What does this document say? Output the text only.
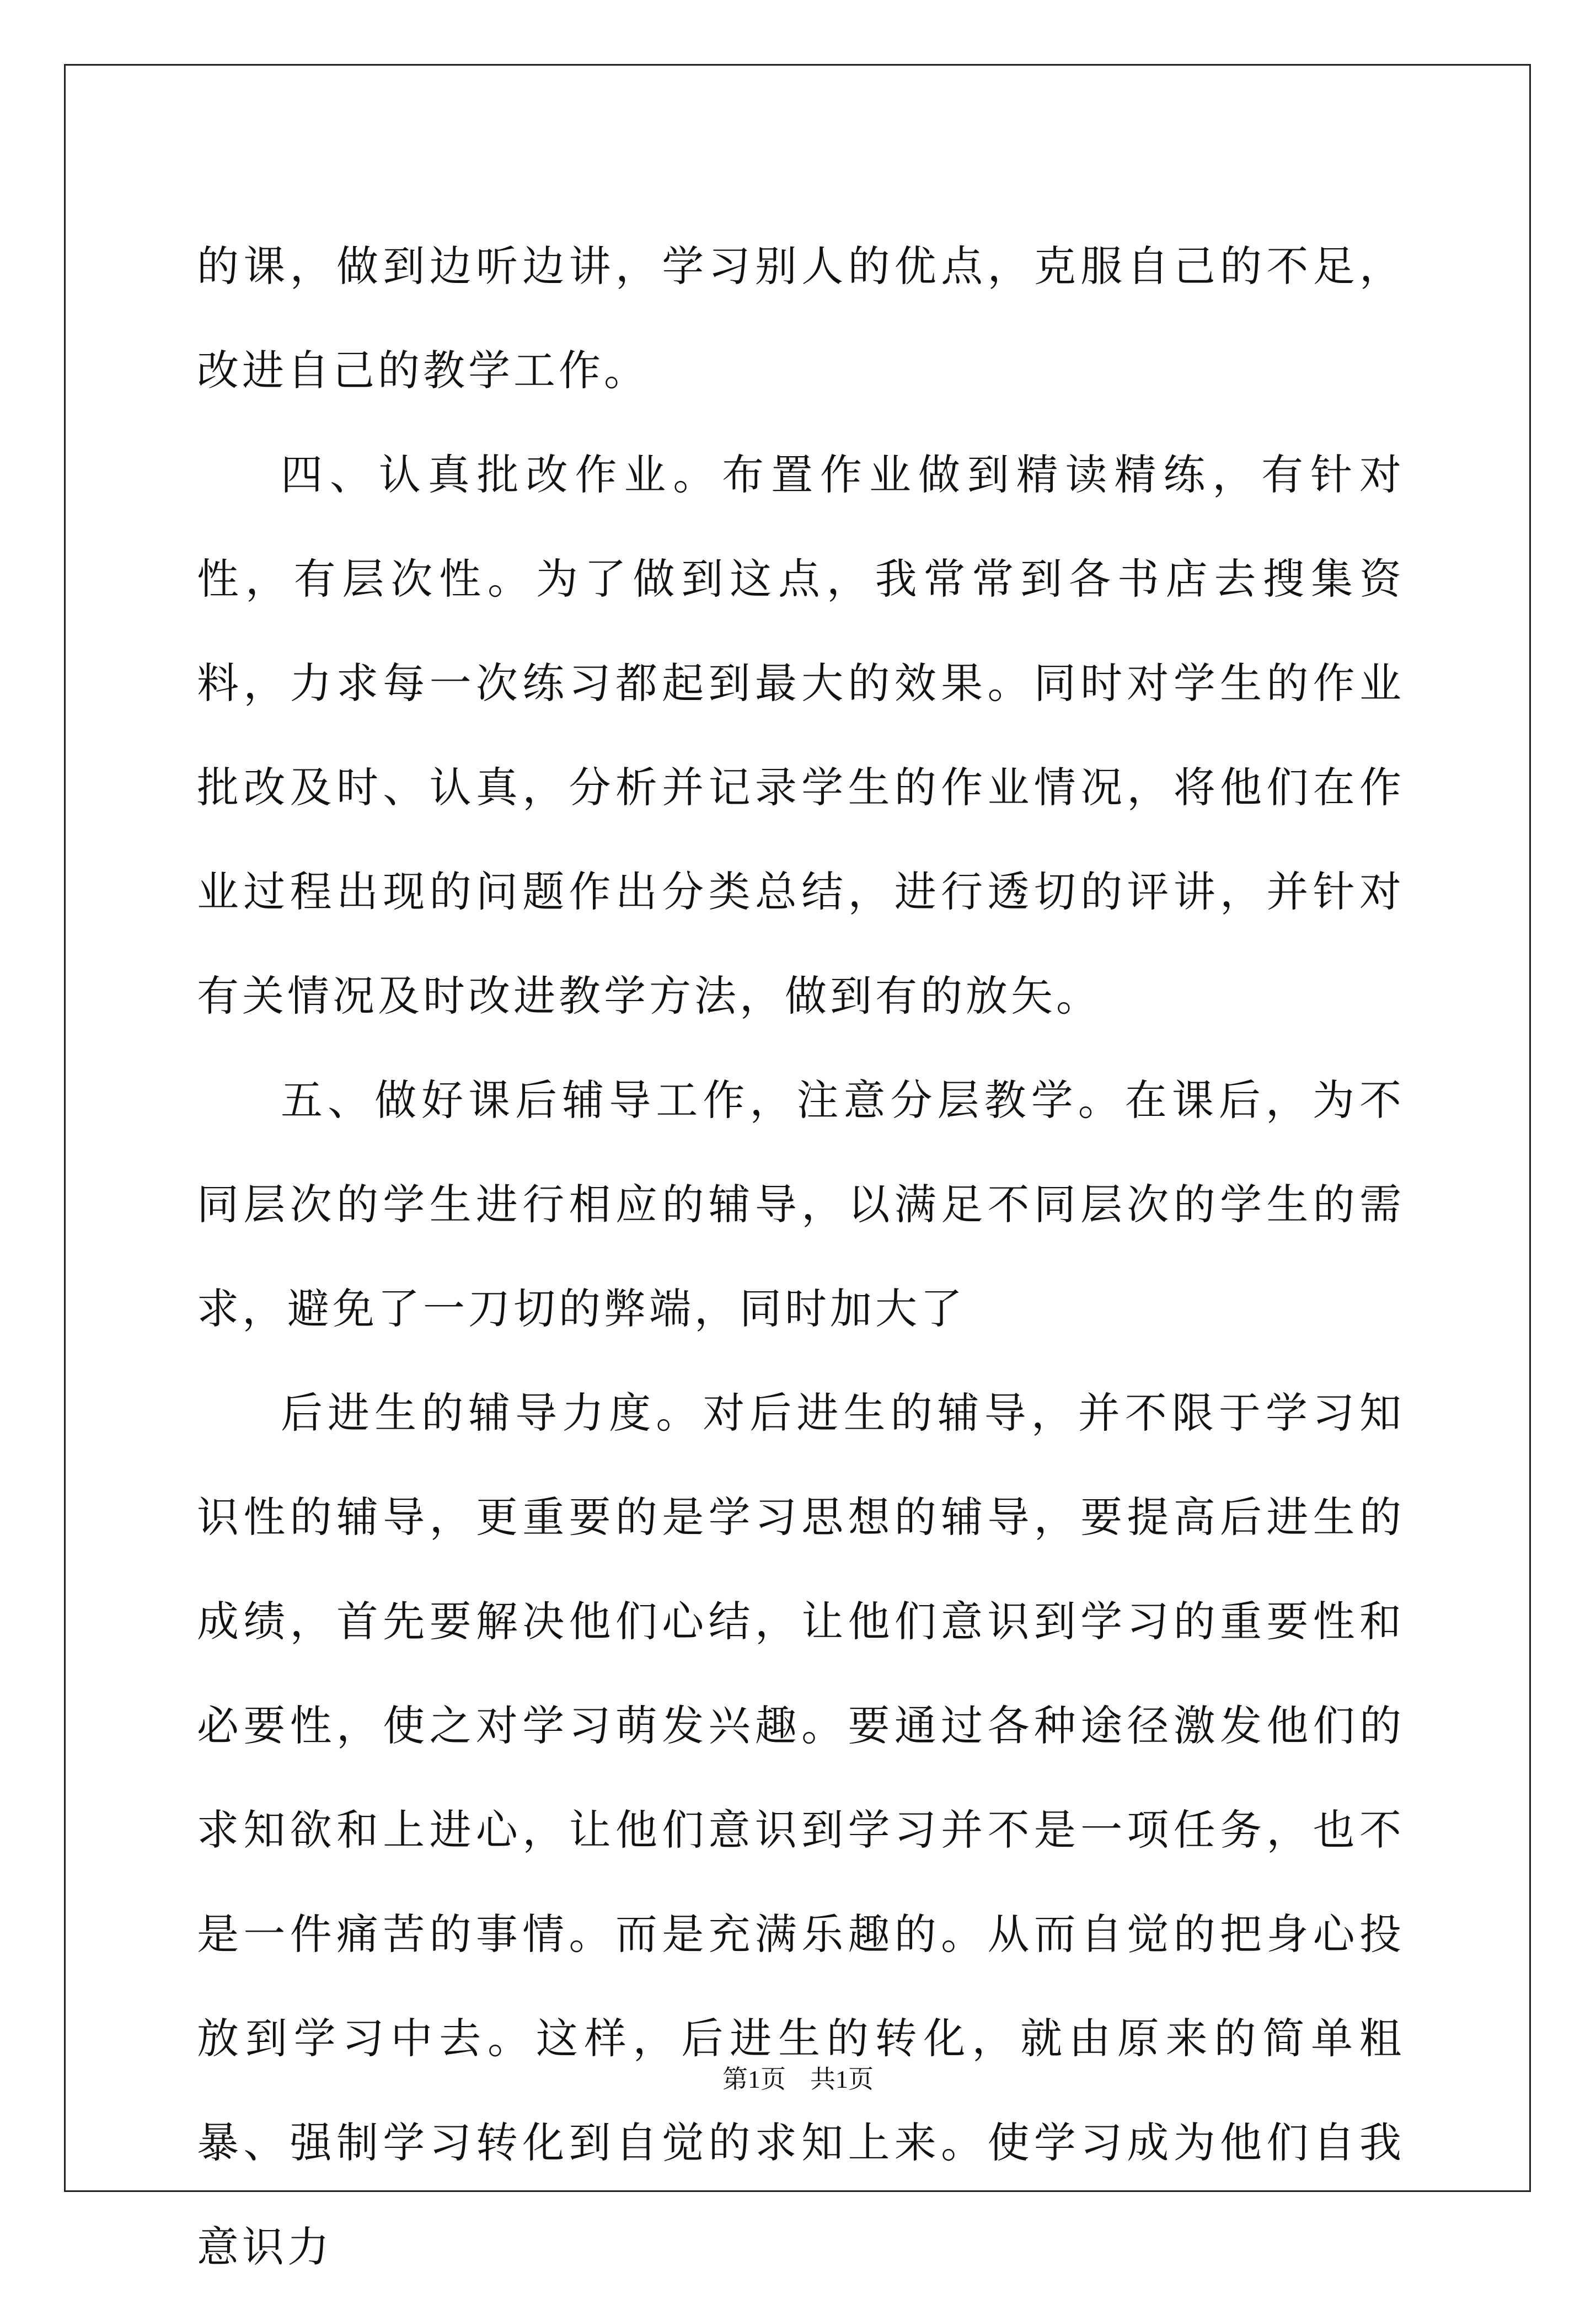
的课，做到边听边讲，学习别人的优点，克服自己的不足，改进自己的教学工作。

四、认真批改作业。布置作业做到精读精练，有针对性，有层次性。为了做到这点，我常常到各书店去搜集资料，力求每一次练习都起到最大的效果。同时对学生的作业批改及时、认真，分析并记录学生的作业情况，将他们在作业过程出现的问题作出分类总结，进行透切的评讲，并针对有关情况及时改进教学方法，做到有的放矢。

五、做好课后辅导工作，注意分层教学。在课后，为不同层次的学生进行相应的辅导，以满足不同层次的学生的需求，避免了一刀切的弊端，同时加大了

后进生的辅导力度。对后进生的辅导，并不限于学习知识性的辅导，更重要的是学习思想的辅导，要提高后进生的成绩，首先要解决他们心结，让他们意识到学习的重要性和必要性，使之对学习萌发兴趣。要通过各种途径激发他们的求知欲和上进心，让他们意识到学习并不是一项任务，也不是一件痛苦的事情。而是充满乐趣的。从而自觉的把身心投放到学习中去。这样，后进生的转化，就由原来的简单粗暴、强制学习转化到自觉的求知上来。使学习成为他们自我意识力

第1页 共1页
